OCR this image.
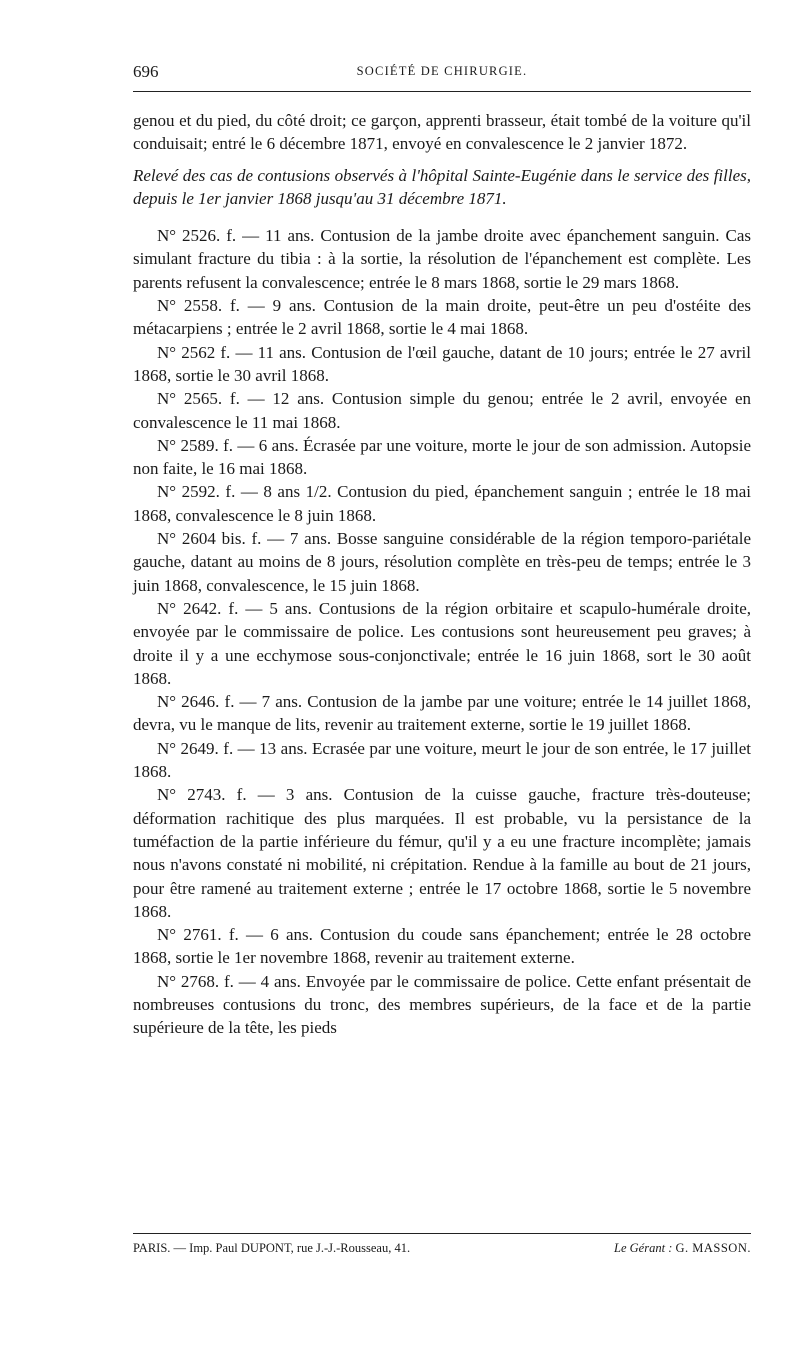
696	SOCIÉTÉ DE CHIRURGIE.

genou et du pied, du côté droit; ce garçon, apprenti brasseur, était tombé de la voiture qu'il conduisait; entré le 6 décembre 1871, envoyé en convalescence le 2 janvier 1872.

Relevé des cas de contusions observés à l'hôpital Sainte-Eugénie dans le service des filles, depuis le 1er janvier 1868 jusqu'au 31 décembre 1871.

N° 2526. f. — 11 ans. Contusion de la jambe droite avec épanchement sanguin. Cas simulant fracture du tibia : à la sortie, la résolution de l'épanchement est complète. Les parents refusent la convalescence; entrée le 8 mars 1868, sortie le 29 mars 1868.

N° 2558. f. — 9 ans. Contusion de la main droite, peut-être un peu d'ostéite des métacarpiens ; entrée le 2 avril 1868, sortie le 4 mai 1868.

N° 2562 f. — 11 ans. Contusion de l'œil gauche, datant de 10 jours; entrée le 27 avril 1868, sortie le 30 avril 1868.

N° 2565. f. — 12 ans. Contusion simple du genou; entrée le 2 avril, envoyée en convalescence le 11 mai 1868.

N° 2589. f. — 6 ans. Écrasée par une voiture, morte le jour de son admission. Autopsie non faite, le 16 mai 1868.

N° 2592. f. — 8 ans 1/2. Contusion du pied, épanchement sanguin ; entrée le 18 mai 1868, convalescence le 8 juin 1868.

N° 2604 bis. f. — 7 ans. Bosse sanguine considérable de la région temporo-pariétale gauche, datant au moins de 8 jours, résolution complète en très-peu de temps; entrée le 3 juin 1868, convalescence, le 15 juin 1868.

N° 2642. f. — 5 ans. Contusions de la région orbitaire et scapulo-humérale droite, envoyée par le commissaire de police. Les contusions sont heureusement peu graves; à droite il y a une ecchymose sous-conjonctivale; entrée le 16 juin 1868, sort le 30 août 1868.

N° 2646. f. — 7 ans. Contusion de la jambe par une voiture; entrée le 14 juillet 1868, devra, vu le manque de lits, revenir au traitement externe, sortie le 19 juillet 1868.

N° 2649. f. — 13 ans. Ecrasée par une voiture, meurt le jour de son entrée, le 17 juillet 1868.

N° 2743. f. — 3 ans. Contusion de la cuisse gauche, fracture très-douteuse; déformation rachitique des plus marquées. Il est probable, vu la persistance de la tuméfaction de la partie inférieure du fémur, qu'il y a eu une fracture incomplète; jamais nous n'avons constaté ni mobilité, ni crépitation. Rendue à la famille au bout de 21 jours, pour être ramené au traitement externe ; entrée le 17 octobre 1868, sortie le 5 novembre 1868.

N° 2761. f. — 6 ans. Contusion du coude sans épanchement; entrée le 28 octobre 1868, sortie le 1er novembre 1868, revenir au traitement externe.

N° 2768. f. — 4 ans. Envoyée par le commissaire de police. Cette enfant présentait de nombreuses contusions du tronc, des membres supérieurs, de la face et de la partie supérieure de la tête, les pieds

PARIS. — Imp. Paul DUPONT, rue J.-J.-Rousseau, 41.	Le Gérant : G. MASSON.
